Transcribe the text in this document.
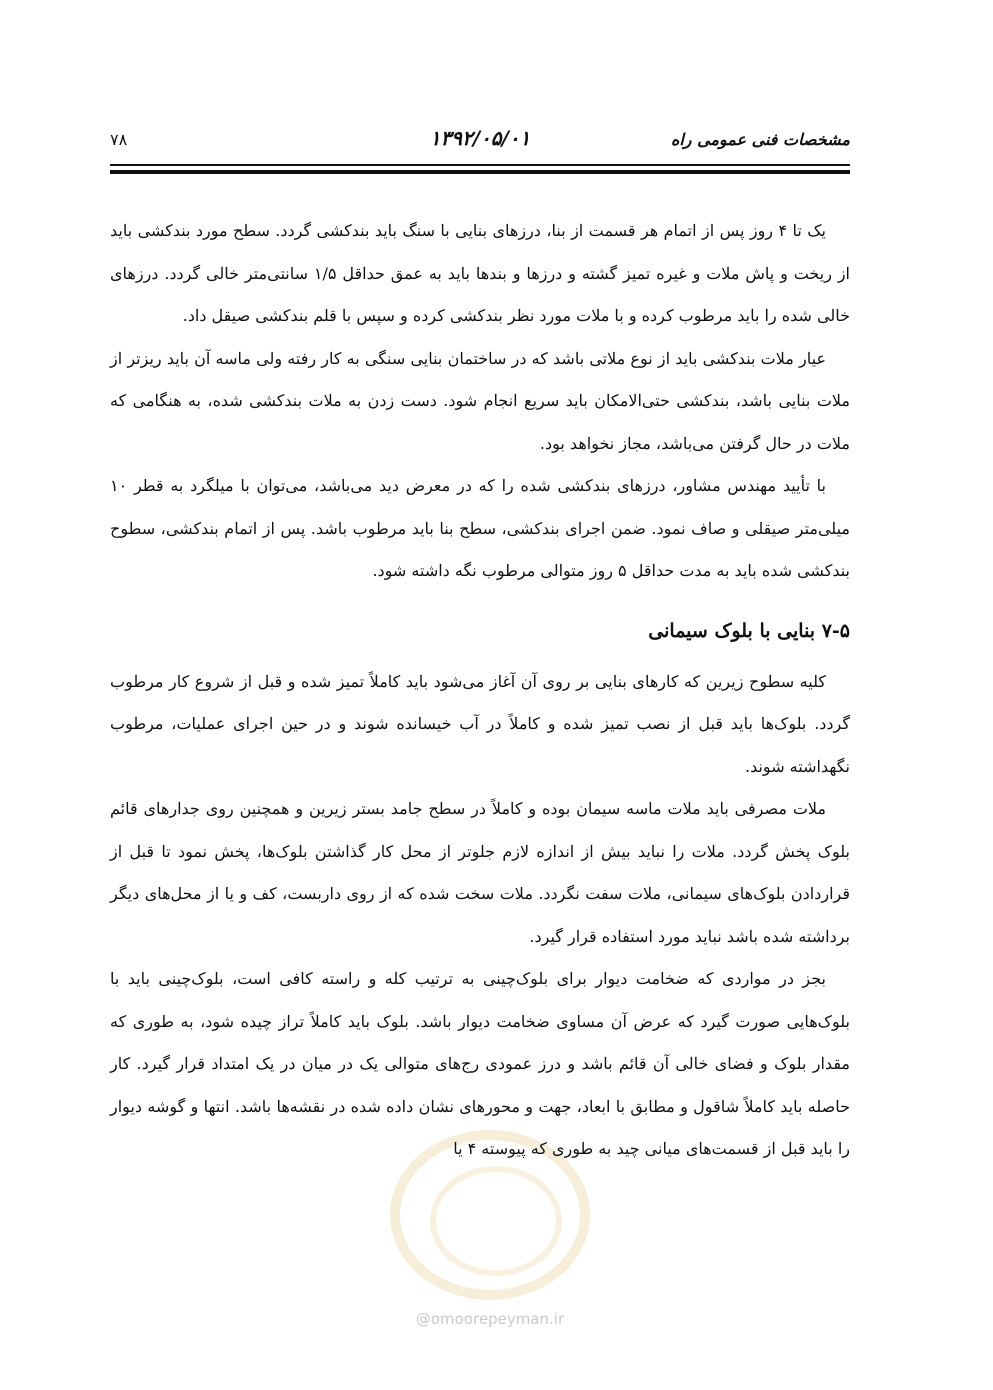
مشخصات فنی عمومی راه
۱۳۹۲/۰۵/۰۱
۷۸

یک تا ۴ روز پس از اتمام هر قسمت از بنا، درزهای بنایی با سنگ باید بندکشی گردد. سطح مورد بندکشی باید از ریخت و پاش ملات و غیره تمیز گشته و درزها و بندها باید به عمق حداقل ۱/۵ سانتی‌متر خالی گردد. درزهای خالی شده را باید مرطوب کرده و با ملات مورد نظر بندکشی کرده و سپس با قلم بندکشی صیقل داد.

عیار ملات بندکشی باید از نوع ملاتی باشد که در ساختمان بنایی سنگی به کار رفته ولی ماسه آن باید ریزتر از ملات بنایی باشد، بندکشی حتی‌الامکان باید سریع انجام شود. دست زدن به ملات بندکشی شده، به هنگامی که ملات در حال گرفتن می‌باشد، مجاز نخواهد بود.

با تأیید مهندس مشاور، درزهای بندکشی شده را که در معرض دید می‌باشد، می‌توان با میلگرد به قطر ۱۰ میلی‌متر صیقلی و صاف نمود. ضمن اجرای بندکشی، سطح بنا باید مرطوب باشد. پس از اتمام بندکشی، سطوح بندکشی شده باید به مدت حداقل ۵ روز متوالی مرطوب نگه داشته شود.

۷-۵ بنایی با بلوک سیمانی

کلیه سطوح زیرین که کارهای بنایی بر روی آن آغاز می‌شود باید کاملاً تمیز شده و قبل از شروع کار مرطوب گردد. بلوک‌ها باید قبل از نصب تمیز شده و کاملاً در آب خیسانده شوند و در حین اجرای عملیات، مرطوب نگهداشته شوند.

ملات مصرفی باید ملات ماسه سیمان بوده و کاملاً در سطح جامد بستر زیرین و همچنین روی جدارهای قائم بلوک پخش گردد. ملات را نباید بیش از اندازه لازم جلوتر از محل کار گذاشتن بلوک‌ها، پخش نمود تا قبل از قراردادن بلوک‌های سیمانی، ملات سفت نگردد. ملات سخت شده که از روی داربست، کف و یا از محل‌های دیگر برداشته شده باشد نباید مورد استفاده قرار گیرد.

بجز در مواردی که ضخامت دیوار برای بلوک‌چینی به ترتیب کله و راسته کافی است، بلوک‌چینی باید با بلوک‌هایی صورت گیرد که عرض آن مساوی ضخامت دیوار باشد. بلوک باید کاملاً تراز چیده شود، به طوری که مقدار بلوک و فضای خالی آن قائم باشد و درز عمودی رج‌های متوالی یک در میان در یک امتداد قرار گیرد. کار حاصله باید کاملاً شاقول و مطابق با ابعاد، جهت و محورهای نشان داده شده در نقشه‌ها باشد. انتها و گوشه دیوار را باید قبل از قسمت‌های میانی چید به طوری که پیوسته ۴ یا

@omoorepeyman.ir
